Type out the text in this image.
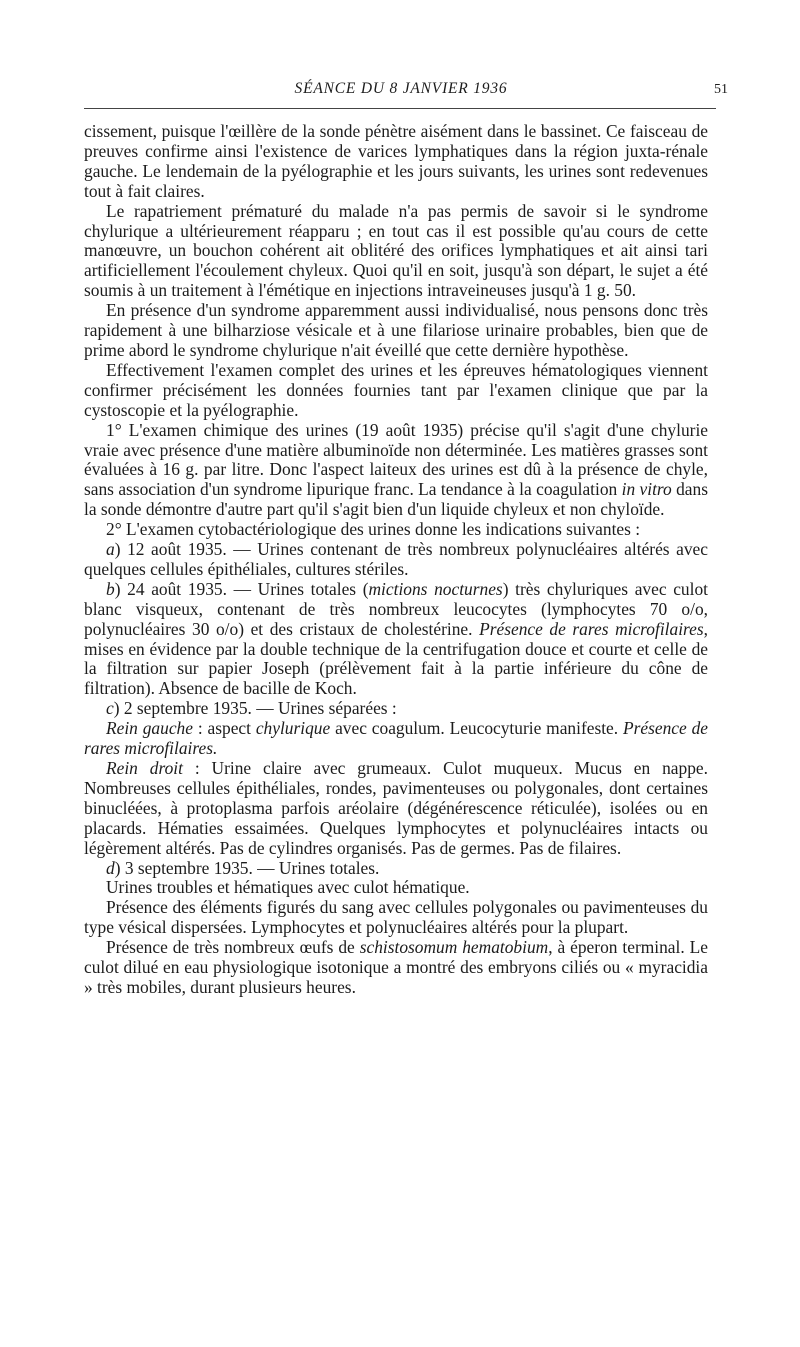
SÉANCE DU 8 JANVIER 1936	51

cissement, puisque l'œillère de la sonde pénètre aisément dans le bassinet. Ce faisceau de preuves confirme ainsi l'existence de varices lymphatiques dans la région juxta-rénale gauche. Le lendemain de la pyélographie et les jours suivants, les urines sont redevenues tout à fait claires.

Le rapatriement prématuré du malade n'a pas permis de savoir si le syndrome chylurique a ultérieurement réapparu ; en tout cas il est possible qu'au cours de cette manœuvre, un bouchon cohérent ait oblitéré des orifices lymphatiques et ait ainsi tari artificiellement l'écoulement chyleux. Quoi qu'il en soit, jusqu'à son départ, le sujet a été soumis à un traitement à l'émétique en injections intraveineuses jusqu'à 1 g. 50.

En présence d'un syndrome apparemment aussi individualisé, nous pensons donc très rapidement à une bilharziose vésicale et à une filariose urinaire probables, bien que de prime abord le syndrome chylurique n'ait éveillé que cette dernière hypothèse.

Effectivement l'examen complet des urines et les épreuves hématologiques viennent confirmer précisément les données fournies tant par l'examen clinique que par la cystoscopie et la pyélographie.

1° L'examen chimique des urines (19 août 1935) précise qu'il s'agit d'une chylurie vraie avec présence d'une matière albuminoïde non déterminée. Les matières grasses sont évaluées à 16 g. par litre. Donc l'aspect laiteux des urines est dû à la présence de chyle, sans association d'un syndrome lipurique franc. La tendance à la coagulation in vitro dans la sonde démontre d'autre part qu'il s'agit bien d'un liquide chyleux et non chyloïde.

2° L'examen cytobactériologique des urines donne les indications suivantes :

a) 12 août 1935. — Urines contenant de très nombreux polynucléaires altérés avec quelques cellules épithéliales, cultures stériles.

b) 24 août 1935. — Urines totales (mictions nocturnes) très chyluriques avec culot blanc visqueux, contenant de très nombreux leucocytes (lymphocytes 70 o/o, polynucléaires 30 o/o) et des cristaux de cholestérine. Présence de rares microfilaires, mises en évidence par la double technique de la centrifugation douce et courte et celle de la filtration sur papier Joseph (prélèvement fait à la partie inférieure du cône de filtration). Absence de bacille de Koch.

c) 2 septembre 1935. — Urines séparées :

Rein gauche : aspect chylurique avec coagulum. Leucocyturie manifeste. Présence de rares microfilaires.

Rein droit : Urine claire avec grumeaux. Culot muqueux. Mucus en nappe. Nombreuses cellules épithéliales, rondes, pavimenteuses ou polygonales, dont certaines binucléées, à protoplasma parfois aréolaire (dégénérescence réticulée), isolées ou en placards. Hématies essaimées. Quelques lymphocytes et polynucléaires intacts ou légèrement altérés. Pas de cylindres organisés. Pas de germes. Pas de filaires.

d) 3 septembre 1935. — Urines totales.

Urines troubles et hématiques avec culot hématique.

Présence des éléments figurés du sang avec cellules polygonales ou pavimenteuses du type vésical dispersées. Lymphocytes et polynucléaires altérés pour la plupart.

Présence de très nombreux œufs de schistosomum hematobium, à éperon terminal. Le culot dilué en eau physiologique isotonique a montré des embryons ciliés ou « myracidia » très mobiles, durant plusieurs heures.
